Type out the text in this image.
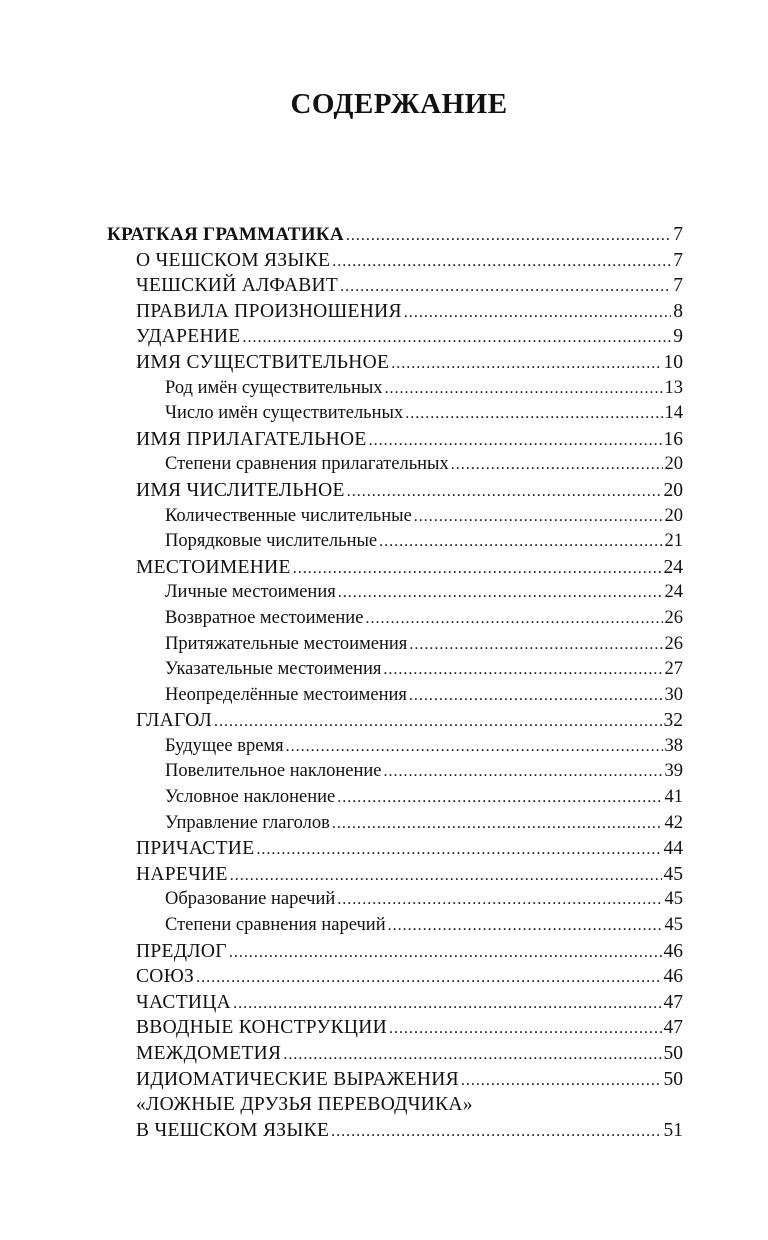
СОДЕРЖАНИЕ
КРАТКАЯ ГРАММАТИКА .....	7
О ЧЕШСКОМ ЯЗЫКЕ .....	7
ЧЕШСКИЙ АЛФАВИТ .....	7
ПРАВИЛА ПРОИЗНОШЕНИЯ .....	8
УДАРЕНИЕ .....	9
ИМЯ СУЩЕСТВИТЕЛЬНОЕ .....	10
Род имён существительных .....	13
Число имён существительных .....	14
ИМЯ ПРИЛАГАТЕЛЬНОЕ .....	16
Степени сравнения прилагательных .....	20
ИМЯ ЧИСЛИТЕЛЬНОЕ .....	20
Количественные числительные .....	20
Порядковые числительные .....	21
МЕСТОИМЕНИЕ .....	24
Личные местоимения .....	24
Возвратное местоимение .....	26
Притяжательные местоимения .....	26
Указательные местоимения .....	27
Неопределённые местоимения .....	30
ГЛАГОЛ .....	32
Будущее время .....	38
Повелительное наклонение .....	39
Условное наклонение .....	41
Управление глаголов .....	42
ПРИЧАСТИЕ .....	44
НАРЕЧИЕ .....	45
Образование наречий .....	45
Степени сравнения наречий .....	45
ПРЕДЛОГ .....	46
СОЮЗ .....	46
ЧАСТИЦА .....	47
ВВОДНЫЕ КОНСТРУКЦИИ .....	47
МЕЖДОМЕТИЯ .....	50
ИДИОМАТИЧЕСКИЕ ВЫРАЖЕНИЯ .....	50
«ЛОЖНЫЕ ДРУЗЬЯ ПЕРЕВОДЧИКА»
В ЧЕШСКОМ ЯЗЫКЕ .....	51
